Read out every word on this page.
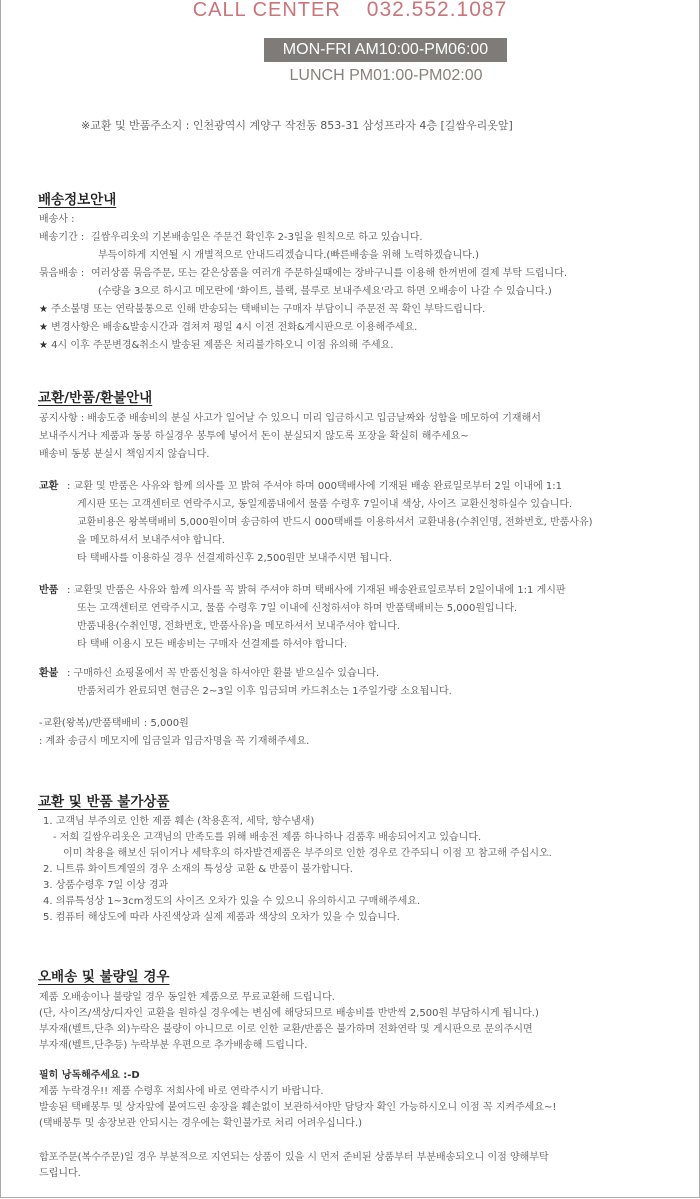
CALL CENTER 032.552.1087
MON-FRI AM10:00-PM06:00
LUNCH PM01:00-PM02:00
※교환 및 반품주소지 : 인천광역시 계양구 작전동 853-31 삼성프라자 4층 [길쌈우리옷앞]
배송정보안내
배송사 :
배송기간 : 길쌈우리옷의 기본배송일은 주문건 확인후 2-3일을 원칙으로 하고 있습니다.
부득이하게 지연될 시 개별적으로 안내드리겠습니다.(빠른배송을 위해 노력하겠습니다.)
묶음배송 : 여러상품 묶음주문, 또는 같은상품을 여러개 주문하실때에는 장바구니를 이용해 한꺼번에 결제 부탁 드립니다.
(수량을 3으로 하시고 메모란에 '화이트, 블랙, 블루로 보내주세요'라고 하면 오배송이 나갈 수 있습니다.)
★ 주소불명 또는 연락불통으로 인해 반송되는 택배비는 구매자 부담이니 주문전 꼭 확인 부탁드립니다.
★ 변경사항은 배송&발송시간과 겹쳐져 평일 4시 이전 전화&게시판으로 이용해주세요.
★ 4시 이후 주문변경&취소시 발송된 제품은 처리불가하오니 이점 유의해 주세요.
교환/반품/환불안내
공지사항 : 배송도중 배송비의 분실 사고가 일어날 수 있으니 미리 입금하시고 입금날짜와 성함을 메모하여 기재해서
보내주시거나 제품과 동봉 하실경우 봉투에 넣어서 돈이 분실되지 않도록 포장을 확실히 해주세요~
배송비 동봉 분실시 책임지지 않습니다.
교환 : 교환 및 반품은 사유와 함께 의사를 꼬 밝혀 주셔야 하며 000택배사에 기재된 배송 완료일로부터 2일 이내에 1:1
게시판 또는 고객센터로 연락주시고, 동일제품내에서 물품 수령후 7일이내 색상, 사이즈 교환신청하실수 있습니다.
교환비용은 왕복택배비 5,000원이며 송금하여 반드시 000택배를 이용하셔서 교환내용(수취인명, 전화번호, 반품사유)
을 메모하셔서 보내주셔야 합니다.
타 택배사를 이용하실 경우 선결제하신후 2,500원만 보내주시면 됩니다.
반품 : 교환및 반품은 사유와 함께 의사를 꼭 밝혀 주셔야 하며 택배사에 기재된 배송완료일로부터 2일이내에 1:1 게시판
또는 고객센터로 연락주시고, 물품 수령후 7일 이내에 신청하셔야 하며 반품택배비는 5,000원입니다.
반품내용(수취인명, 전화번호, 반품사유)을 메모하셔서 보내주셔야 합니다.
타 택배 이용시 모든 배송비는 구매자 선결제를 하셔야 합니다.
환불 : 구매하신 쇼핑몰에서 꼭 반품신청을 하셔야만 환불 받으실수 있습니다.
반품처리가 완료되면 현금은 2~3일 이후 입금되며 카드취소는 1주일가량 소요됩니다.
-교환(왕복)/반품택배비 : 5,000원
: 계좌 송금시 메모지에 입금일과 입금자명을 꼭 기재해주세요.
교환 및 반품 불가상품
1. 고객님 부주의로 인한 제품 훼손 (착용흔적, 세탁, 향수냄새)
- 저희 길쌈우리옷은 고객님의 만족도를 위해 배송전 제품 하나하나 검품후 배송되어지고 있습니다.
이미 착용을 해보신 뒤이거나 세탁후의 하자발견제품은 부주의로 인한 경우로 간주되니 이점 꼬 참고해 주십시오.
2. 니트류 화이트계열의 경우 소재의 특성상 교환 & 반품이 불가합니다.
3. 상품수령후 7일 이상 경과
4. 의류특성상 1~3cm정도의 사이즈 오차가 있을 수 있으니 유의하시고 구매해주세요.
5. 컴퓨터 해상도에 따라 사진색상과 실제 제품과 색상의 오차가 있을 수 있습니다.
오배송 및 불량일 경우
제품 오배송이나 불량일 경우 동일한 제품으로 무료교환해 드립니다.
(단, 사이즈/색상/디자인 교환을 원하실 경우에는 변심에 해당되므로 배송비를 반반씩 2,500원 부담하시게 됩니다.)
부자재(벨트,단추 외)누락은 불량이 아니므로 이로 인한 교환/반품은 불가하며 전화연락 및 게시판으로 문의주시면
부자재(벨트,단추등) 누락부분 우편으로 추가배송해 드립니다.
필히 낭독해주세요 :-D
제품 누락경우!! 제품 수령후 저희사에 바로 연락주시기 바랍니다.
발송된 택배봉투 및 상자앞에 붙여드린 송장을 훼손없이 보관하셔야만 담당자 확인 가능하시오니 이점 꼭 지켜주세요~!
(택배봉투 및 송장보관 안되시는 경우에는 확인불가로 처리 어려우십니다.)
합포주문(복수주문)일 경우 부분적으로 지연되는 상품이 있을 시 먼저 준비된 상품부터 부분배송되오니 이점 양해부탁
드립니다.
